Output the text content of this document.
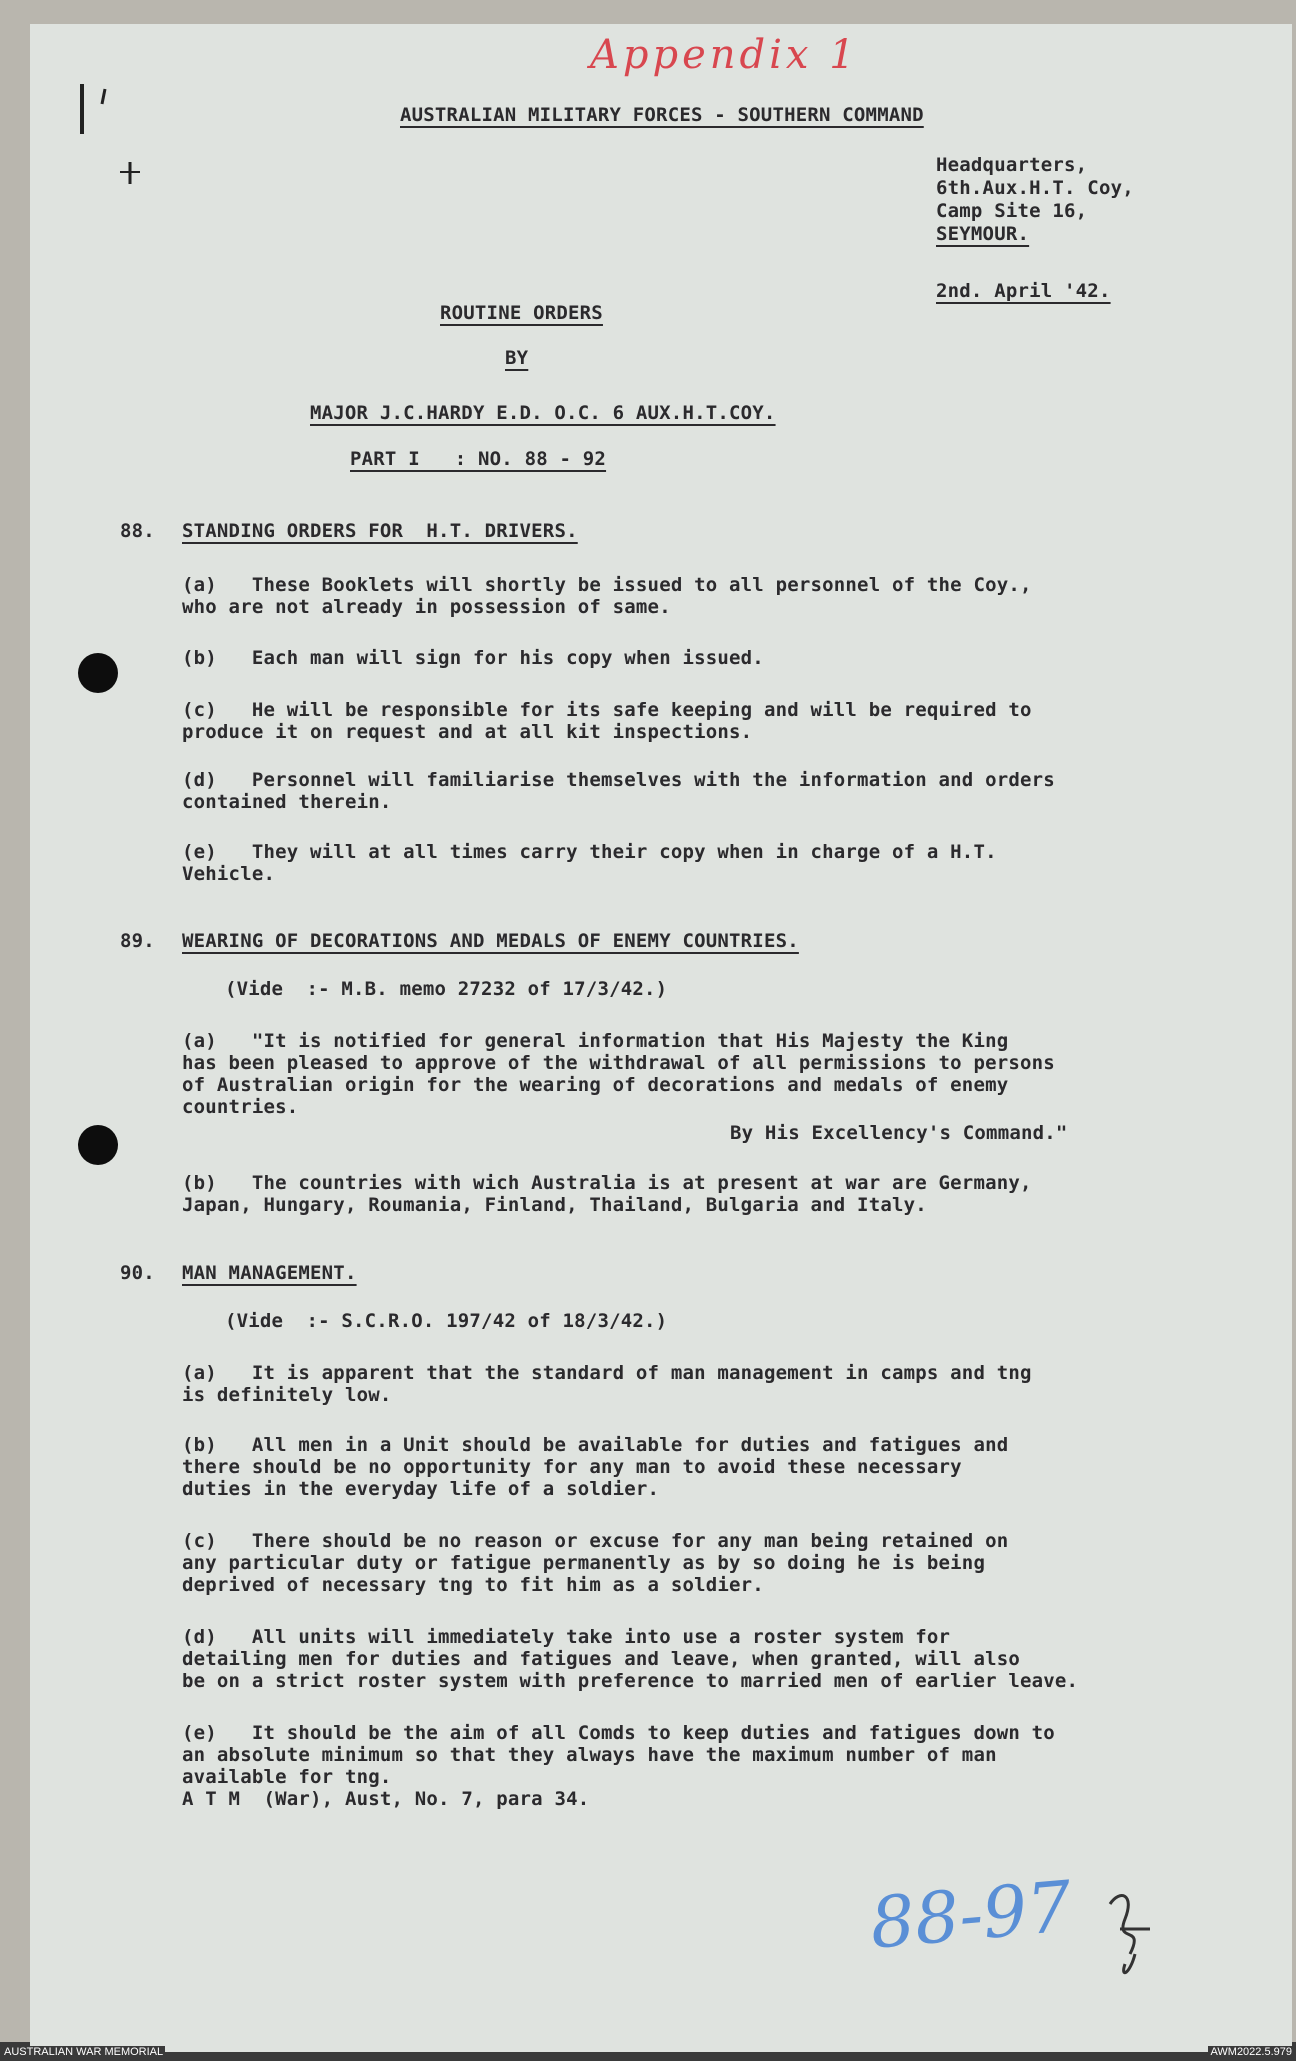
Appendix 1
88-97
AUSTRALIAN MILITARY FORCES - SOUTHERN COMMAND
Headquarters,
6th.Aux.H.T. Coy,
Camp Site 16,
SEYMOUR.
2nd. April '42.
ROUTINE ORDERS
BY
MAJOR J.C.HARDY E.D. O.C. 6 AUX.H.T.COY.
PART I   : NO. 88 - 92
88. STANDING ORDERS FOR  H.T. DRIVERS.
(a)   These Booklets will shortly be issued to all personnel of the Coy.,
who are not already in possession of same.
(b)   Each man will sign for his copy when issued.
(c)   He will be responsible for its safe keeping and will be required to
produce it on request and at all kit inspections.
(d)   Personnel will familiarise themselves with the information and orders
contained therein.
(e)   They will at all times carry their copy when in charge of a H.T.
Vehicle.
89. WEARING OF DECORATIONS AND MEDALS OF ENEMY COUNTRIES.
(Vide  :- M.B. memo 27232 of 17/3/42.)
(a)   "It is notified for general information that His Majesty the King
has been pleased to approve of the withdrawal of all permissions to persons
of Australian origin for the wearing of decorations and medals of enemy
countries.
By His Excellency's Command."
(b)   The countries with wich Australia is at present at war are Germany,
Japan, Hungary, Roumania, Finland, Thailand, Bulgaria and Italy.
90. MAN MANAGEMENT.
(Vide  :- S.C.R.O. 197/42 of 18/3/42.)
(a)   It is apparent that the standard of man management in camps and tng
is definitely low.
(b)   All men in a Unit should be available for duties and fatigues and
there should be no opportunity for any man to avoid these necessary
duties in the everyday life of a soldier.
(c)   There should be no reason or excuse for any man being retained on
any particular duty or fatigue permanently as by so doing he is being
deprived of necessary tng to fit him as a soldier.
(d)   All units will immediately take into use a roster system for
detailing men for duties and fatigues and leave, when granted, will also
be on a strict roster system with preference to married men of earlier leave.
(e)   It should be the aim of all Comds to keep duties and fatigues down to
an absolute minimum so that they always have the maximum number of man
available for tng.
A T M  (War), Aust, No. 7, para 34.
AUSTRALIAN WAR MEMORIAL	AWM2022.5.979
